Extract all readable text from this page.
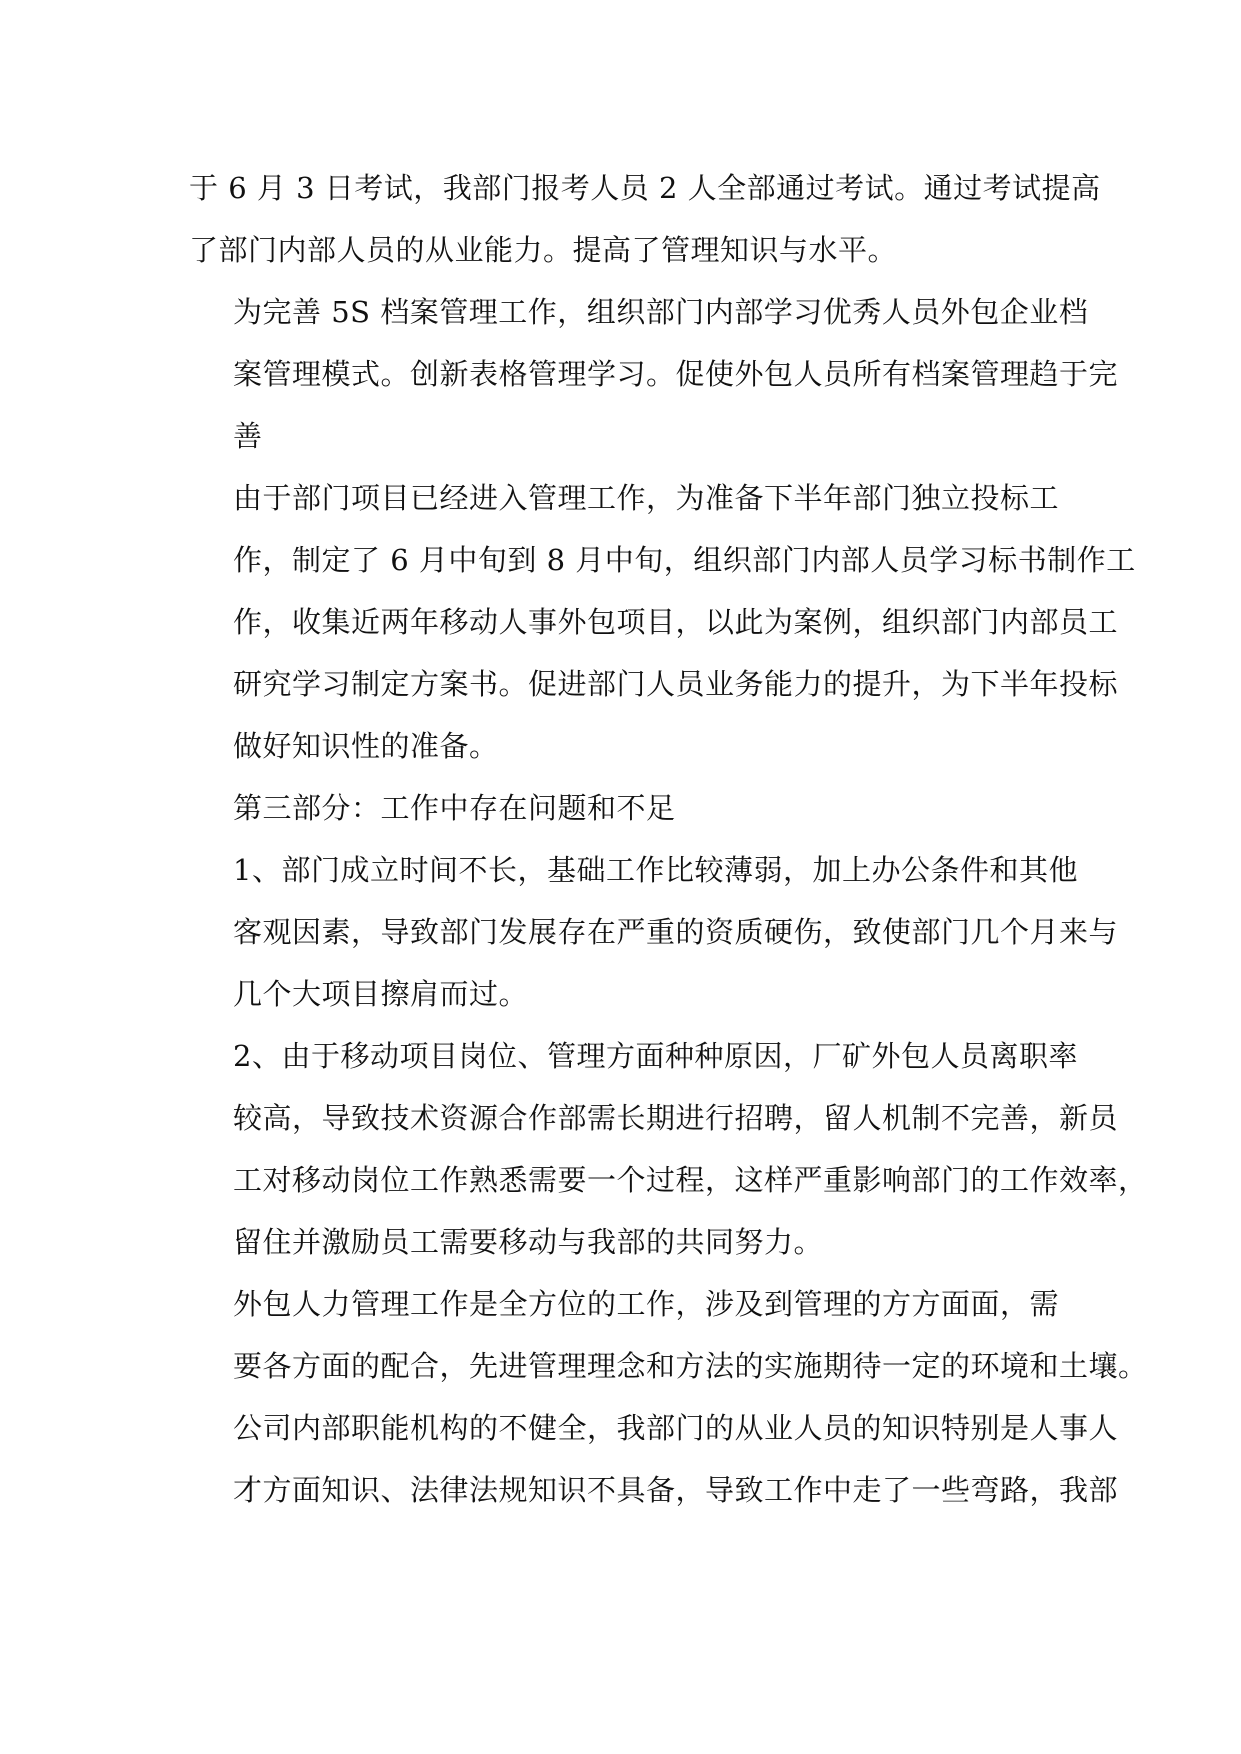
于 6 月 3 日考试，我部门报考人员 2 人全部通过考试。通过考试提高
了部门内部人员的从业能力。提高了管理知识与水平。

为完善 5S 档案管理工作，组织部门内部学习优秀人员外包企业档
案管理模式。创新表格管理学习。促使外包人员所有档案管理趋于完
善

由于部门项目已经进入管理工作，为准备下半年部门独立投标工
作，制定了 6 月中旬到 8 月中旬，组织部门内部人员学习标书制作工
作，收集近两年移动人事外包项目，以此为案例，组织部门内部员工
研究学习制定方案书。促进部门人员业务能力的提升，为下半年投标
做好知识性的准备。

第三部分：工作中存在问题和不足

1、部门成立时间不长，基础工作比较薄弱，加上办公条件和其他
客观因素，导致部门发展存在严重的资质硬伤，致使部门几个月来与
几个大项目擦肩而过。

2、由于移动项目岗位、管理方面种种原因，厂矿外包人员离职率
较高，导致技术资源合作部需长期进行招聘，留人机制不完善，新员
工对移动岗位工作熟悉需要一个过程，这样严重影响部门的工作效率，
留住并激励员工需要移动与我部的共同努力。

外包人力管理工作是全方位的工作，涉及到管理的方方面面，需
要各方面的配合，先进管理理念和方法的实施期待一定的环境和土壤。
公司内部职能机构的不健全，我部门的从业人员的知识特别是人事人
才方面知识、法律法规知识不具备，导致工作中走了一些弯路，我部
